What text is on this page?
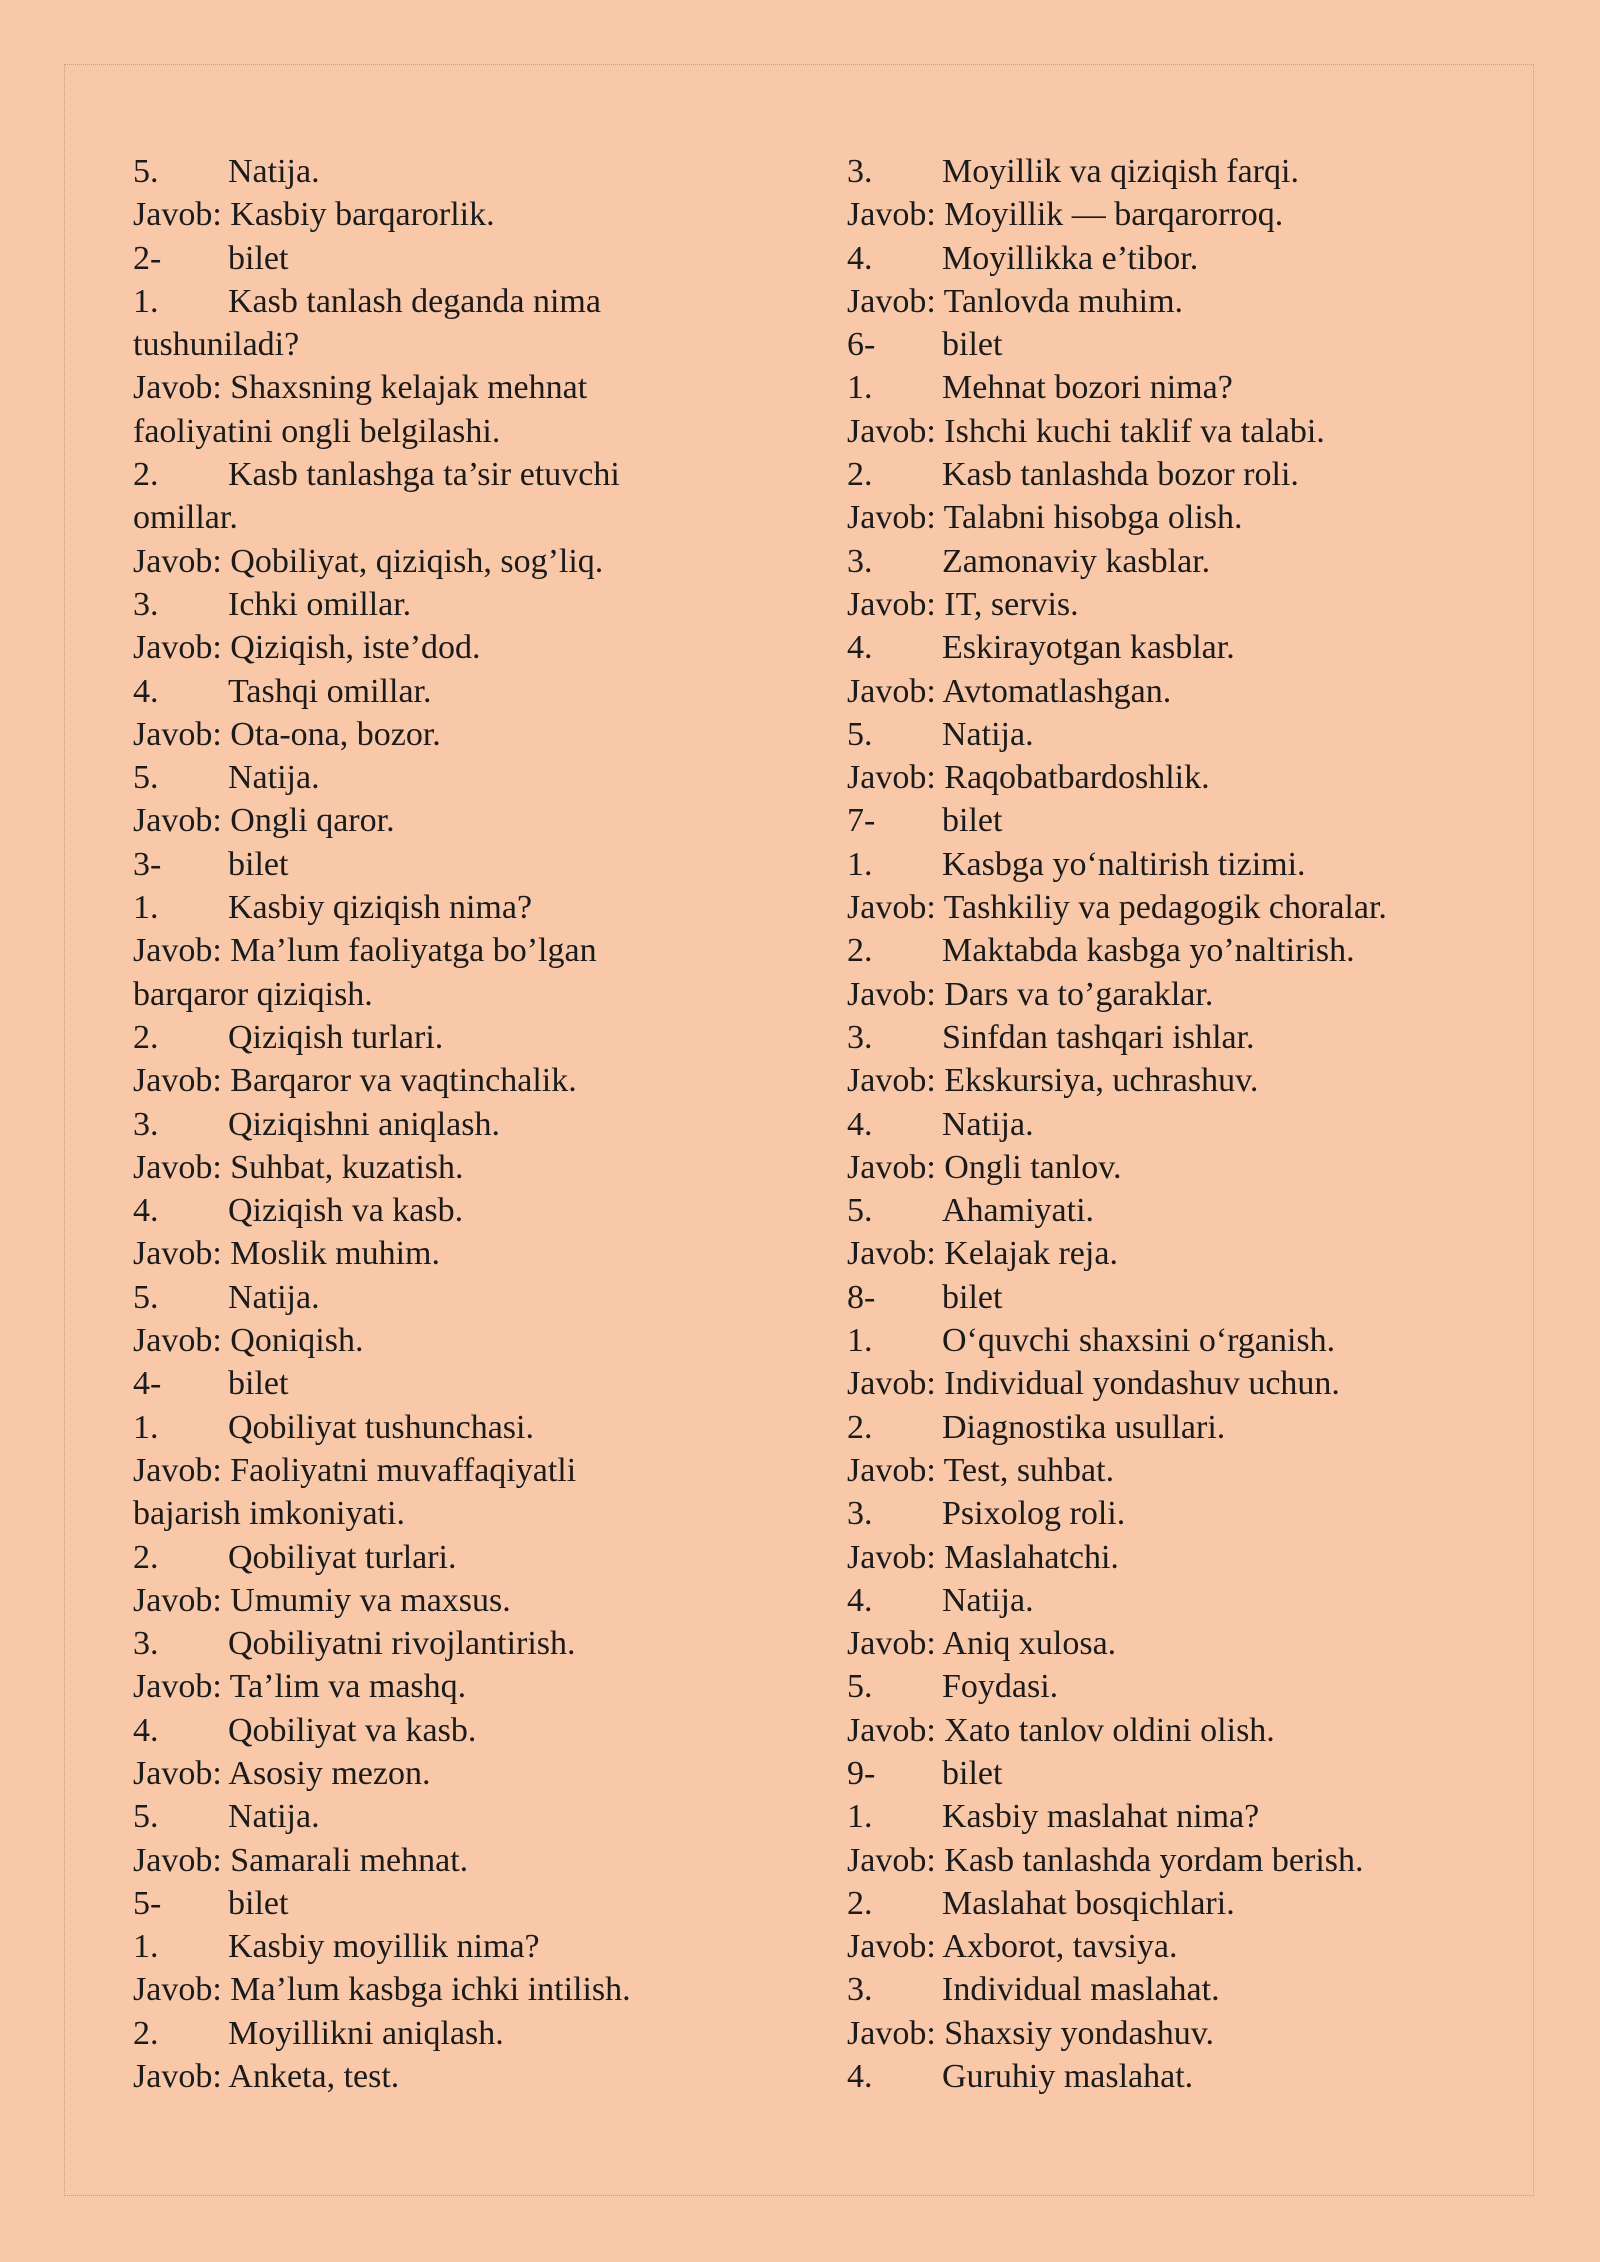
5. Natija.
Javob: Kasbiy barqarorlik.
2- bilet
1. Kasb tanlash deganda nima
tushuniladi?
Javob: Shaxsning kelajak mehnat
faoliyatini ongli belgilashi.
2. Kasb tanlashga ta’sir etuvchi
omillar.
Javob: Qobiliyat, qiziqish, sog’liq.
3. Ichki omillar.
Javob: Qiziqish, iste’dod.
4. Tashqi omillar.
Javob: Ota-ona, bozor.
5. Natija.
Javob: Ongli qaror.
3- bilet
1. Kasbiy qiziqish nima?
Javob: Ma’lum faoliyatga bo’lgan
barqaror qiziqish.
2. Qiziqish turlari.
Javob: Barqaror va vaqtinchalik.
3. Qiziqishni aniqlash.
Javob: Suhbat, kuzatish.
4. Qiziqish va kasb.
Javob: Moslik muhim.
5. Natija.
Javob: Qoniqish.
4- bilet
1. Qobiliyat tushunchasi.
Javob: Faoliyatni muvaffaqiyatli
bajarish imkoniyati.
2. Qobiliyat turlari.
Javob: Umumiy va maxsus.
3. Qobiliyatni rivojlantirish.
Javob: Ta’lim va mashq.
4. Qobiliyat va kasb.
Javob: Asosiy mezon.
5. Natija.
Javob: Samarali mehnat.
5- bilet
1. Kasbiy moyillik nima?
Javob: Ma’lum kasbga ichki intilish.
2. Moyillikni aniqlash.
Javob: Anketa, test.
3. Moyillik va qiziqish farqi.
Javob: Moyillik — barqarorroq.
4. Moyillikka e’tibor.
Javob: Tanlovda muhim.
6- bilet
1. Mehnat bozori nima?
Javob: Ishchi kuchi taklif va talabi.
2. Kasb tanlashda bozor roli.
Javob: Talabni hisobga olish.
3. Zamonaviy kasblar.
Javob: IT, servis.
4. Eskirayotgan kasblar.
Javob: Avtomatlashgan.
5. Natija.
Javob: Raqobatbardoshlik.
7- bilet
1. Kasbga yo‘naltirish tizimi.
Javob: Tashkiliy va pedagogik choralar.
2. Maktabda kasbga yo’naltirish.
Javob: Dars va to’garaklar.
3. Sinfdan tashqari ishlar.
Javob: Ekskursiya, uchrashuv.
4. Natija.
Javob: Ongli tanlov.
5. Ahamiyati.
Javob: Kelajak reja.
8- bilet
1. O‘quvchi shaxsini o‘rganish.
Javob: Individual yondashuv uchun.
2. Diagnostika usullari.
Javob: Test, suhbat.
3. Psixolog roli.
Javob: Maslahatchi.
4. Natija.
Javob: Aniq xulosa.
5. Foydasi.
Javob: Xato tanlov oldini olish.
9- bilet
1. Kasbiy maslahat nima?
Javob: Kasb tanlashda yordam berish.
2. Maslahat bosqichlari.
Javob: Axborot, tavsiya.
3. Individual maslahat.
Javob: Shaxsiy yondashuv.
4. Guruhiy maslahat.
